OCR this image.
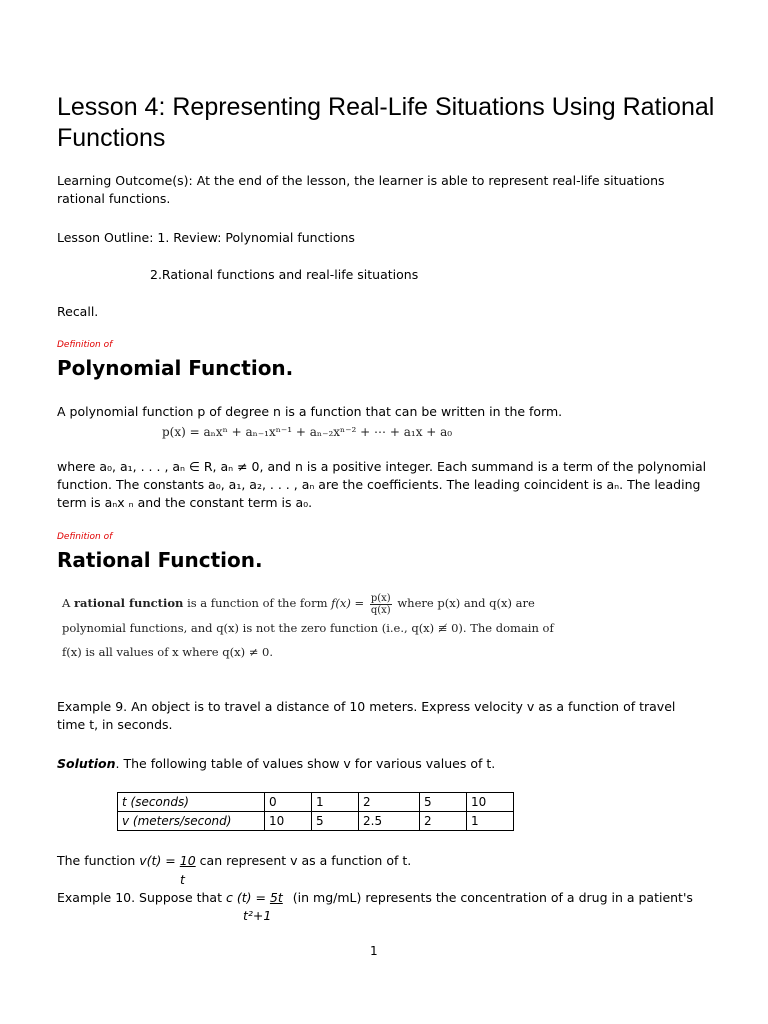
Lesson 4: Representing Real-Life Situations Using Rational Functions

Learning Outcome(s): At the end of the lesson, the learner is able to represent real-life situations rational functions.

Lesson Outline: 1. Review: Polynomial functions

2.Rational functions and real-life situations

Recall.

Definition of
Polynomial Function.

A polynomial function p of degree n is a function that can be written in the form.

p(x) = aₙxⁿ + aₙ₋₁xⁿ⁻¹ + aₙ₋₂xⁿ⁻² + ⋯ + a₁x + a₀

where a₀, a₁, . . . , aₙ ∈ R, aₙ ≠ 0, and n is a positive integer. Each summand is a term of the polynomial

function. The constants a₀, a₁, a₂, . . . , aₙ are the coefficients. The leading coincident is aₙ. The leading

term is aₙx ₙ and the constant term is a₀.

Definition of
Rational Function.
A rational function is a function of the form $f(x) = \frac{p(x)}{q(x)}$ where p(x) and q(x) are
polynomial functions, and q(x) is not the zero function (i.e., q(x) ≢ 0). The domain of
f(x) is all values of x where q(x) ≠ 0.

Example 9. An object is to travel a distance of 10 meters. Express velocity v as a function of travel time t, in seconds.

Solution. The following table of values show v for various values of t.

t (seconds)	0	1	2	5	10
v (meters/second)	10	5	2.5	2	1

The function v(t) = 10 can represent v as a function of t.

t

Example 10. Suppose that c (t) = 5t (in mg/mL) represents the concentration of a drug in a patient's

t²+1
1
